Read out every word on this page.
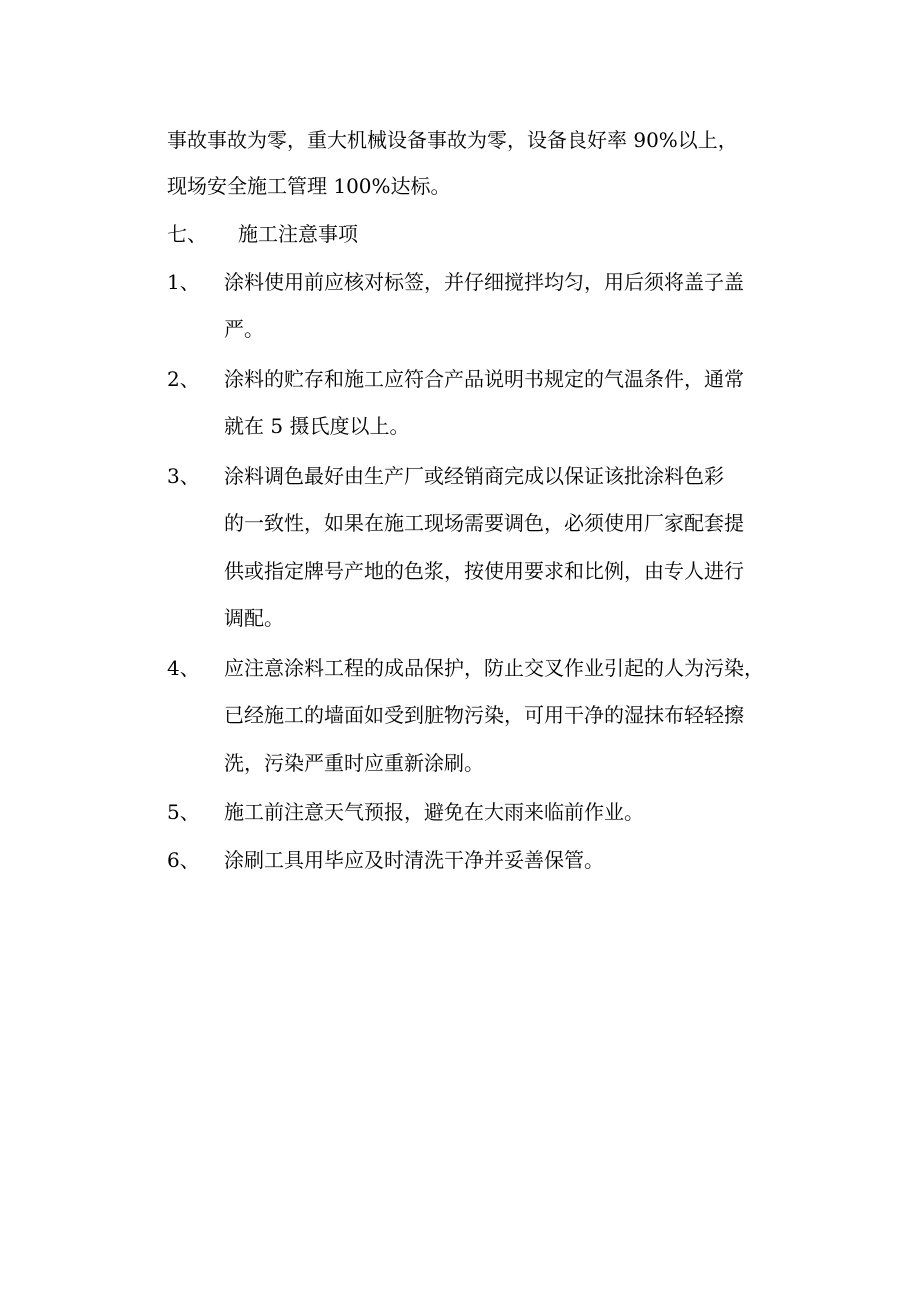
事故事故为零，重大机械设备事故为零，设备良好率 90%以上，
现场安全施工管理 100%达标。
七、 施工注意事项
1、 涂料使用前应核对标签，并仔细搅拌均匀，用后须将盖子盖
严。
2、 涂料的贮存和施工应符合产品说明书规定的气温条件，通常
就在 5 摄氏度以上。
3、 涂料调色最好由生产厂或经销商完成以保证该批涂料色彩
的一致性，如果在施工现场需要调色，必须使用厂家配套提
供或指定牌号产地的色浆，按使用要求和比例，由专人进行
调配。
4、 应注意涂料工程的成品保护，防止交叉作业引起的人为污染，
已经施工的墙面如受到脏物污染，可用干净的湿抹布轻轻擦
洗，污染严重时应重新涂刷。
5、 施工前注意天气预报，避免在大雨来临前作业。
6、 涂刷工具用毕应及时清洗干净并妥善保管。
